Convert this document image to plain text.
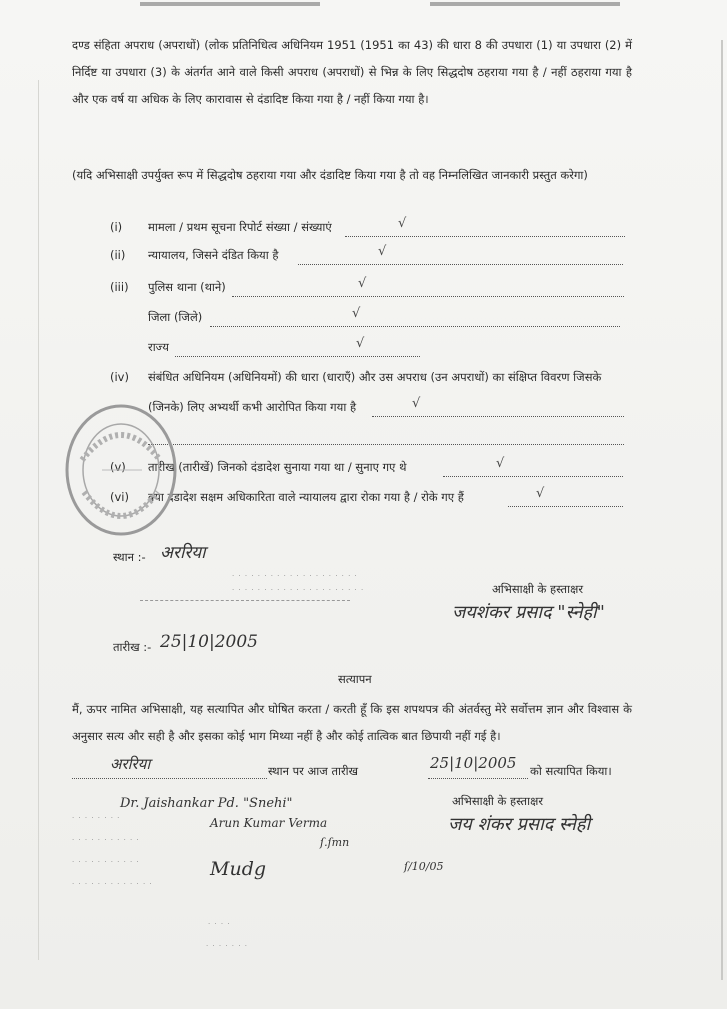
दण्ड संहिता अपराध (अपराधों) (लोक प्रतिनिधित्व अधिनियम 1951 (1951 का 43) की धारा 8 की उपधारा (1) या उपधारा (2) में निर्दिष्ट या उपधारा (3) के अंतर्गत आने वाले किसी अपराध (अपराधों) से भिन्न के लिए सिद्धदोष ठहराया गया है / नहीं ठहराया गया है और एक वर्ष या अधिक के लिए कारावास से दंडादिष्ट किया गया है / नहीं किया गया है।
(यदि अभिसाक्षी उपर्युक्त रूप में सिद्धदोष ठहराया गया और दंडादिष्ट किया गया है तो वह निम्नलिखित जानकारी प्रस्तुत करेगा)
(i) मामला / प्रथम सूचना रिपोर्ट संख्या / संख्याएं	√
(ii) न्यायालय, जिसने दंडित किया है	√
(iii) पुलिस थाना (थाने)	√
जिला (जिले)	√
राज्य	√
(iv) संबंधित अधिनियम (अधिनियमों) की धारा (धाराएँ) और उस अपराध (उन अपराधों) का संक्षिप्त विवरण जिसके
(जिनके) लिए अभ्यर्थी कभी आरोपित किया गया है	√
(v) तारीख (तारीखें) जिनको दंडादेश सुनाया गया था / सुनाए गए थे	√
(vi) क्या दंडादेश सक्षम अधिकारिता वाले न्यायालय द्वारा रोका गया है / रोके गए हैं	√
स्थान :- अररिया
· · · · · · · · · · · · · · · · · · · ·
· · · · · · · · · · · · · · · · · · · · ·	अभिसाक्षी के हस्ताक्षर
जयशंकर प्रसाद "स्नेही"
तारीख :- 25|10|2005
सत्यापन
मैं, ऊपर नामित अभिसाक्षी, यह सत्यापित और घोषित करता / करती हूँ कि इस शपथपत्र की अंतर्वस्तु मेरे सर्वोत्तम ज्ञान और विश्वास के अनुसार सत्य और सही है और इसका कोई भाग मिथ्या नहीं है और कोई तात्विक बात छिपायी नहीं गई है।
अररिया	स्थान पर आज तारीख	25|10|2005 को सत्यापित किया।
अभिसाक्षी के हस्ताक्षर
जय शंकर प्रसाद स्नेही
· · · · · · · ·
· · · · · · · · · · ·
· · · · · · · · · · ·
· · · · · · · · · · · · ·
Dr. Jaishankar Pd. "Snehi"
Arun Kumar Verma
Mudg
ſ.ſmn
ſ/10/05
· · · ·
· · · · · · ·
